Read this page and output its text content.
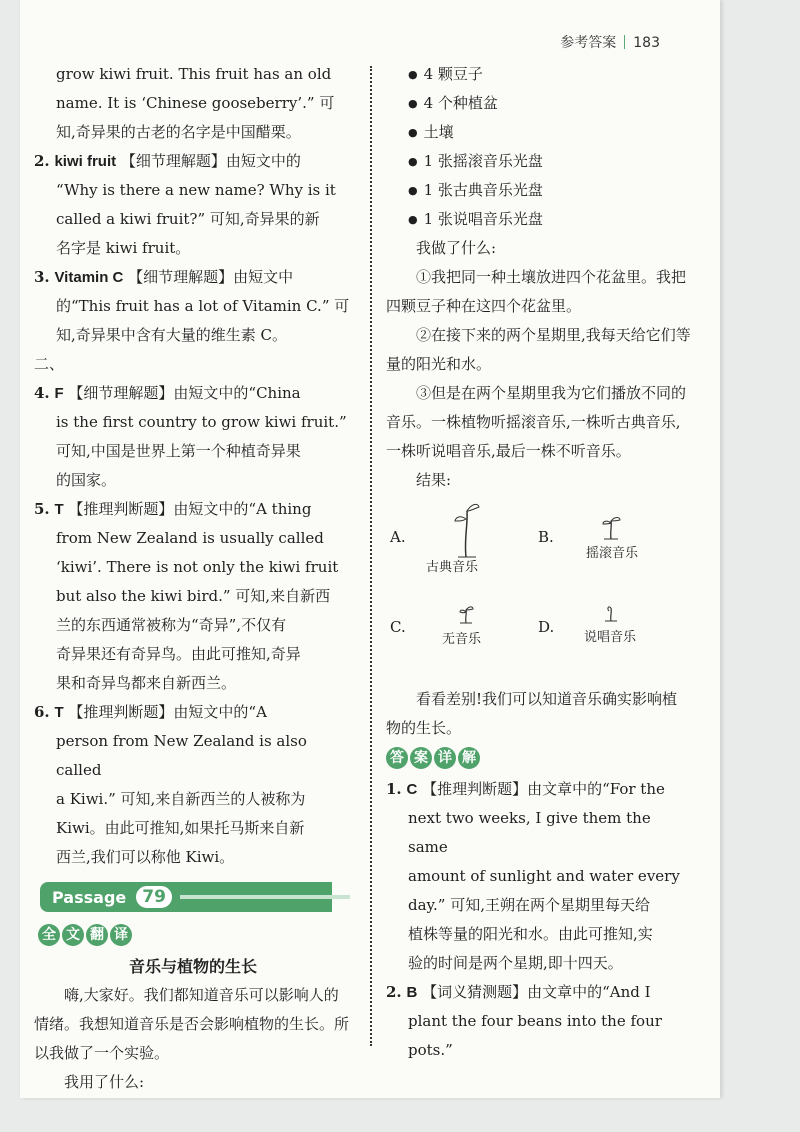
参考答案 183

grow kiwi fruit. This fruit has an old

name. It is ‘Chinese gooseberry’.” 可

知,奇异果的古老的名字是中国醋栗。

2. kiwi fruit 【细节理解题】由短文中的

“Why is there a new name? Why is it

called a kiwi fruit?” 可知,奇异果的新

名字是 kiwi fruit。

3. Vitamin C 【细节理解题】由短文中

的“This fruit has a lot of Vitamin C.” 可

知,奇异果中含有大量的维生素 C。

二、

4. F 【细节理解题】由短文中的“China

is the first country to grow kiwi fruit.”

可知,中国是世界上第一个种植奇异果

的国家。

5. T 【推理判断题】由短文中的“A thing

from New Zealand is usually called

‘kiwi’. There is not only the kiwi fruit

but also the kiwi bird.” 可知,来自新西

兰的东西通常被称为“奇异”,不仅有

奇异果还有奇异鸟。由此可推知,奇异

果和奇异鸟都来自新西兰。

6. T 【推理判断题】由短文中的“A

person from New Zealand is also called

a Kiwi.” 可知,来自新西兰的人被称为

Kiwi。由此可推知,如果托马斯来自新

西兰,我们可以称他 Kiwi。

Passage 79
全 文 翻 译

音乐与植物的生长

嗨,大家好。我们都知道音乐可以影响人的情绪。我想知道音乐是否会影响植物的生长。所以我做了一个实验。

我用了什么:

● 4 颗豆子

● 4 个种植盆

● 土壤

● 1 张摇滚音乐光盘

● 1 张古典音乐光盘

● 1 张说唱音乐光盘

我做了什么:

①我把同一种土壤放进四个花盆里。我把四颗豆子种在这四个花盆里。

②在接下来的两个星期里,我每天给它们等量的阳光和水。

③但是在两个星期里我为它们播放不同的音乐。一株植物听摇滚音乐,一株听古典音乐,一株听说唱音乐,最后一株不听音乐。

结果:

A.
古典音乐
B.
摇滚音乐
C.
无音乐
D.
说唱音乐

看看差别!我们可以知道音乐确实影响植物的生长。

答 案 详 解

1. C 【推理判断题】由文章中的“For the

next two weeks, I give them the same

amount of sunlight and water every

day.” 可知,王朔在两个星期里每天给

植株等量的阳光和水。由此可推知,实

验的时间是两个星期,即十四天。

2. B 【词义猜测题】由文章中的“And I

plant the four beans into the four pots.”
